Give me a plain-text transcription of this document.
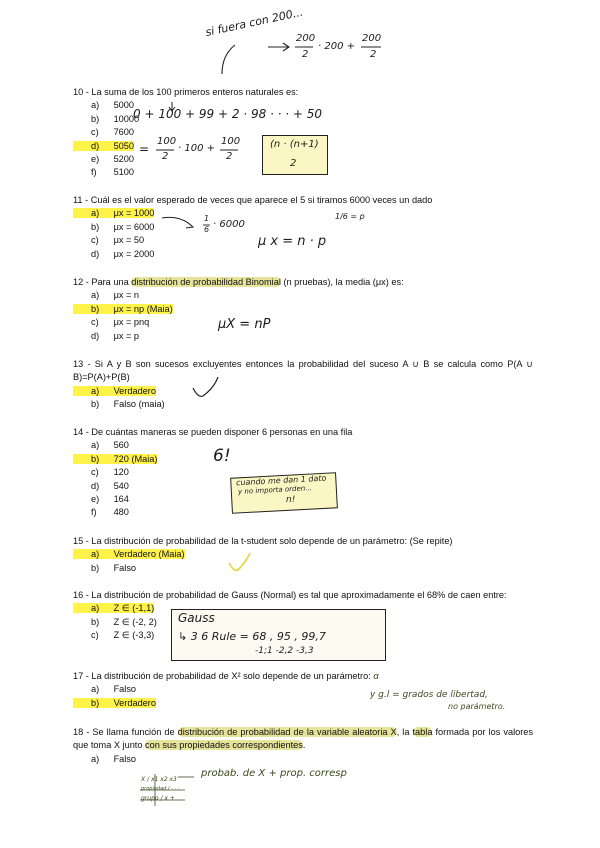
si fuera con 200...
200
2
· 200 +
200
2

10 - La suma de los 100 primeros enteros naturales es:

a) 5000
b) 10000
c) 7600
d) 5050
e) 5200
f) 5100
0 + 100 + 99 + 2 · 98 · · · + 50
=
100
2
· 100 +
100
2
(n · (n+1)
2

11 - Cuál es el valor esperado de veces que aparece el 5 si tiramos 6000 veces un dado

a) μx = 1000
b) μx = 6000
c) μx = 50
d) μx = 2000
1
6 · 6000
1/6 = p
μ x = n · p

12 - Para una distribución de probabilidad Binomial (n pruebas), la media (μx) es:

a) μx = n
b) μx = np (Maia)
c) μx = pnq
d) μx = p
μX = nP

13 - Si A y B son sucesos excluyentes entonces la probabilidad del suceso A ∪ B se calcula como P(A ∪ B)=P(A)+P(B)

a) Verdadero
b) Falso (maia)

14 - De cuántas maneras se pueden disponer 6 personas en una fila

a) 560
b) 720 (Maia)
c) 120
d) 540
e) 164
f) 480
6!
cuando me dan 1 dato
y no importa orden...
n!

15 - La distribución de probabilidad de la t-student solo depende de un parámetro: (Se repite)

a) Verdadero (Maia)
b) Falso

16 - La distribución de probabilidad de Gauss (Normal) es tal que aproximadamente el 68% de caen entre:

a) Z ∈ (-1,1)
b) Z ∈ (-2, 2)
c) Z ∈ (-3,3)
Gauss
↳ 3 6 Rule = 68 , 95 , 99,7
-1;1 -2,2 -3,3

17 - La distribución de probabilidad de X² solo depende de un parámetro: α

a) Falso
b) Verdadero
y g.l = grados de libertad,
no parámetro.

18 - Se llama función de distribución de probabilidad de la variable aleatoria X, la tabla formada por los valores que toma X junto con sus propiedades correspondientes.

a) Falso
X / x1 x2 x3
propiedad / · · ·
grupo / x +
probab. de X + prop. corresp
